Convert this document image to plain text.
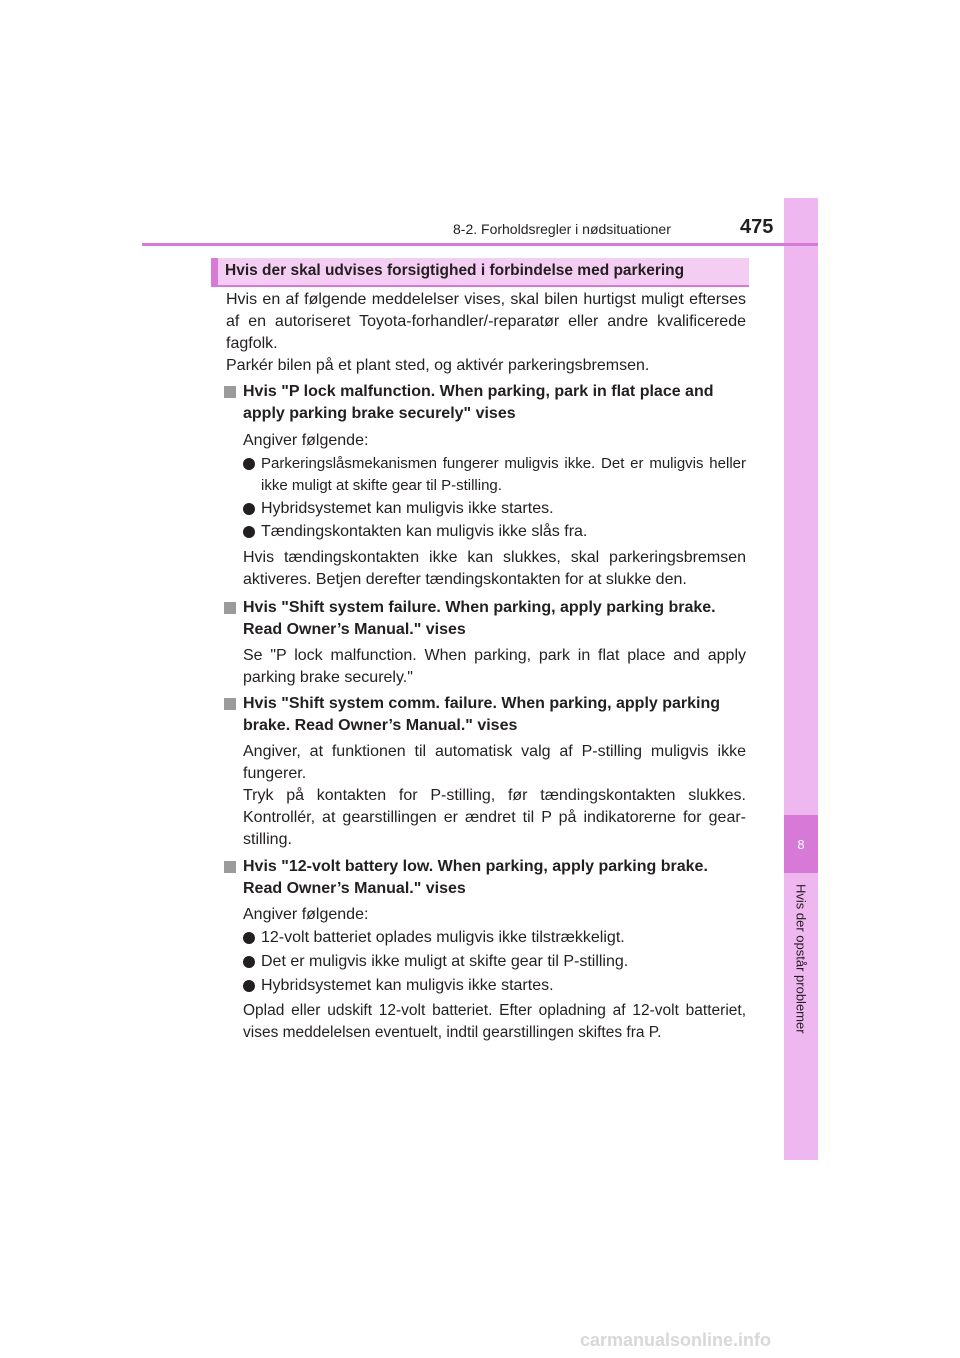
8
Hvis der opstår problemer
8-2. Forholdsregler i nødsituationer	475
Hvis der skal udvises forsigtighed i forbindelse med parkering
Hvis en af følgende meddelelser vises, skal bilen hurtigst muligt efterses af en autoriseret Toyota-forhandler/-reparatør eller andre kvalificerede fagfolk.
Parkér bilen på et plant sted, og aktivér parkeringsbremsen.
Hvis "P lock malfunction. When parking, park in flat place and apply parking brake securely" vises
Angiver følgende:
Parkeringslåsmekanismen fungerer muligvis ikke. Det er muligvis heller ikke muligt at skifte gear til P-stilling.
Hybridsystemet kan muligvis ikke startes.
Tændingskontakten kan muligvis ikke slås fra.
Hvis tændingskontakten ikke kan slukkes, skal parkeringsbremsen aktiveres. Betjen derefter tændingskontakten for at slukke den.
Hvis "Shift system failure. When parking, apply parking brake. Read Owner’s Manual." vises
Se "P lock malfunction. When parking, park in flat place and apply parking brake securely."
Hvis "Shift system comm. failure. When parking, apply parking brake. Read Owner’s Manual." vises
Angiver, at funktionen til automatisk valg af P-stilling muligvis ikke fungerer.
Tryk på kontakten for P-stilling, før tændingskontakten slukkes. Kontrollér, at gearstillingen er ændret til P på indikatorerne for gear-stilling.
Hvis "12-volt battery low. When parking, apply parking brake. Read Owner’s Manual." vises
Angiver følgende:
12-volt batteriet oplades muligvis ikke tilstrækkeligt.
Det er muligvis ikke muligt at skifte gear til P-stilling.
Hybridsystemet kan muligvis ikke startes.
Oplad eller udskift 12-volt batteriet. Efter opladning af 12-volt batteriet, vises meddelelsen eventuelt, indtil gearstillingen skiftes fra P.
carmanualsonline.info
